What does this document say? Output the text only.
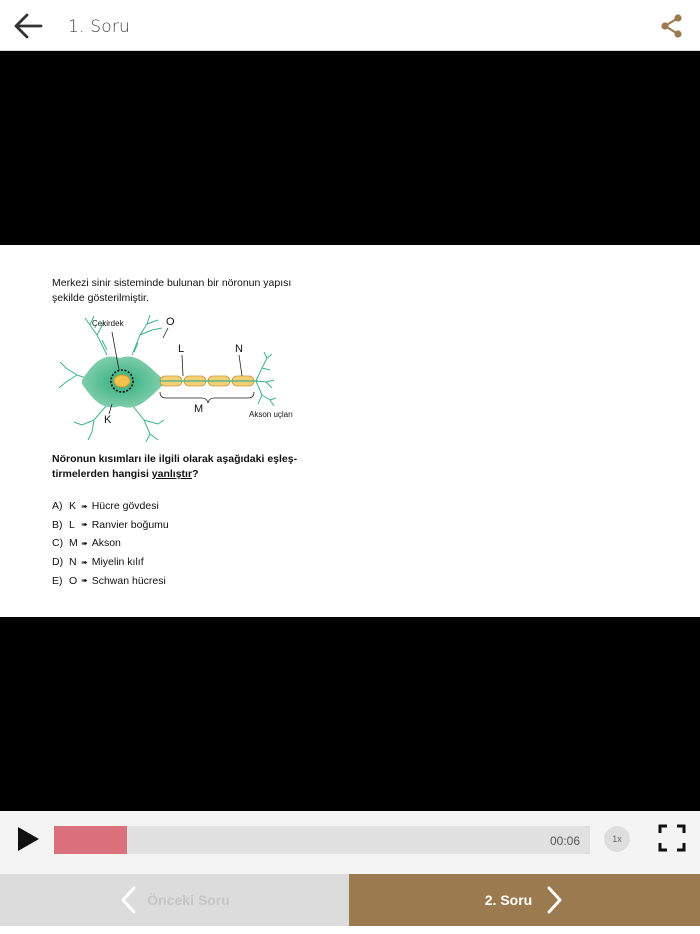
1. Soru
Merkezi sinir sisteminde bulunan bir nöronun yapısı
şekilde gösterilmiştir.
Çekirdek	O
L	N
M
K	Akson uçları
Nöronun kısımları ile ilgili olarak aşağıdaki eşleş-
tirmelerden hangisi yanlıştır?
A) K ➠ Hücre gövdesi
B) L ➠ Ranvier boğumu
C) M ➠ Akson
D) N ➠ Miyelin kılıf
E) O ➠ Schwan hücresi
00:06	1x
Önceki Soru	2. Soru
